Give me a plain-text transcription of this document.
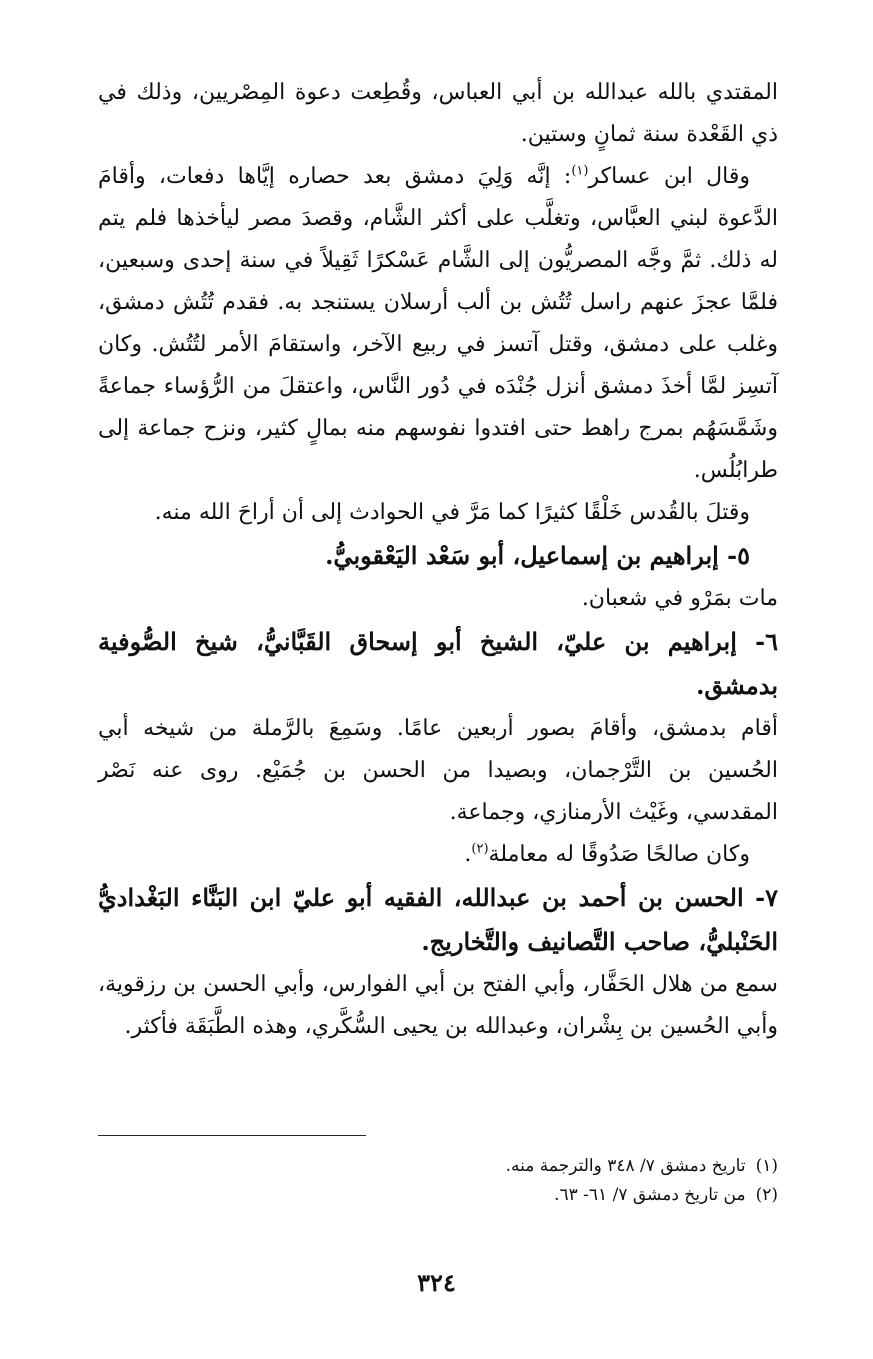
المقتدي بالله عبدالله بن أبي العباس، وقُطِعت دعوة المِصْريين، وذلك في ذي القَعْدة سنة ثمانٍ وستين.

وقال ابن عساكر$^{(١)}$: إنَّه وَلِيَ دمشق بعد حصاره إيَّاها دفعات، وأقامَ الدَّعوة لبني العبَّاس، وتغلَّب على أكثر الشَّام، وقصدَ مصر ليأخذها فلم يتم له ذلك. ثمَّ وجَّه المصريُّون إلى الشَّام عَسْكرًا ثَقِيلاً في سنة إحدى وسبعين، فلمَّا عجزَ عنهم راسل تُتُش بن ألب أرسلان يستنجد به. فقدم تُتُش دمشق، وغلب على دمشق، وقتل آتسز في ربيع الآخر، واستقامَ الأمر لتُتُش. وكان آتسِز لمَّا أخذَ دمشق أنزل جُنْدَه في دُور النَّاس، واعتقلَ من الرُّؤساء جماعةً وشَمَّسَهُم بمرج راهط حتى افتدوا نفوسهم منه بمالٍ كثير، ونزح جماعة إلى طرابُلُس.

وقتلَ بالقُدس خَلْقًا كثيرًا كما مَرَّ في الحوادث إلى أن أراحَ الله منه.

٥- إبراهيم بن إسماعيل، أبو سَعْد اليَعْقوبيُّ.

مات بمَرْو في شعبان.

٦- إبراهيم بن عليّ، الشيخ أبو إسحاق القَبَّانيُّ، شيخ الصُّوفية بدمشق.

أقام بدمشق، وأقامَ بصور أربعين عامًا. وسَمِعَ بالرَّملة من شيخه أبي الحُسين بن التَّرْجمان، وبصيدا من الحسن بن جُمَيْع. روى عنه نَصْر المقدسي، وغَيْث الأرمنازي، وجماعة.

وكان صالحًا صَدُوقًا له معاملة$^{(٢)}$.

٧- الحسن بن أحمد بن عبدالله، الفقيه أبو عليّ ابن البَنَّاء البَغْداديُّ الحَنْبليُّ، صاحب التَّصانيف والتَّخاريج.

سمع من هلال الحَفَّار، وأبي الفتح بن أبي الفوارس، وأبي الحسن بن رزقوية، وأبي الحُسين بن بِشْران، وعبدالله بن يحيى السُّكَّري، وهذه الطَّبَقَة فأكثر.

(١)تاريخ دمشق ٧/ ٣٤٨ والترجمة منه.

(٢)من تاريخ دمشق ٧/ ٦١- ٦٣.

٣٢٤
